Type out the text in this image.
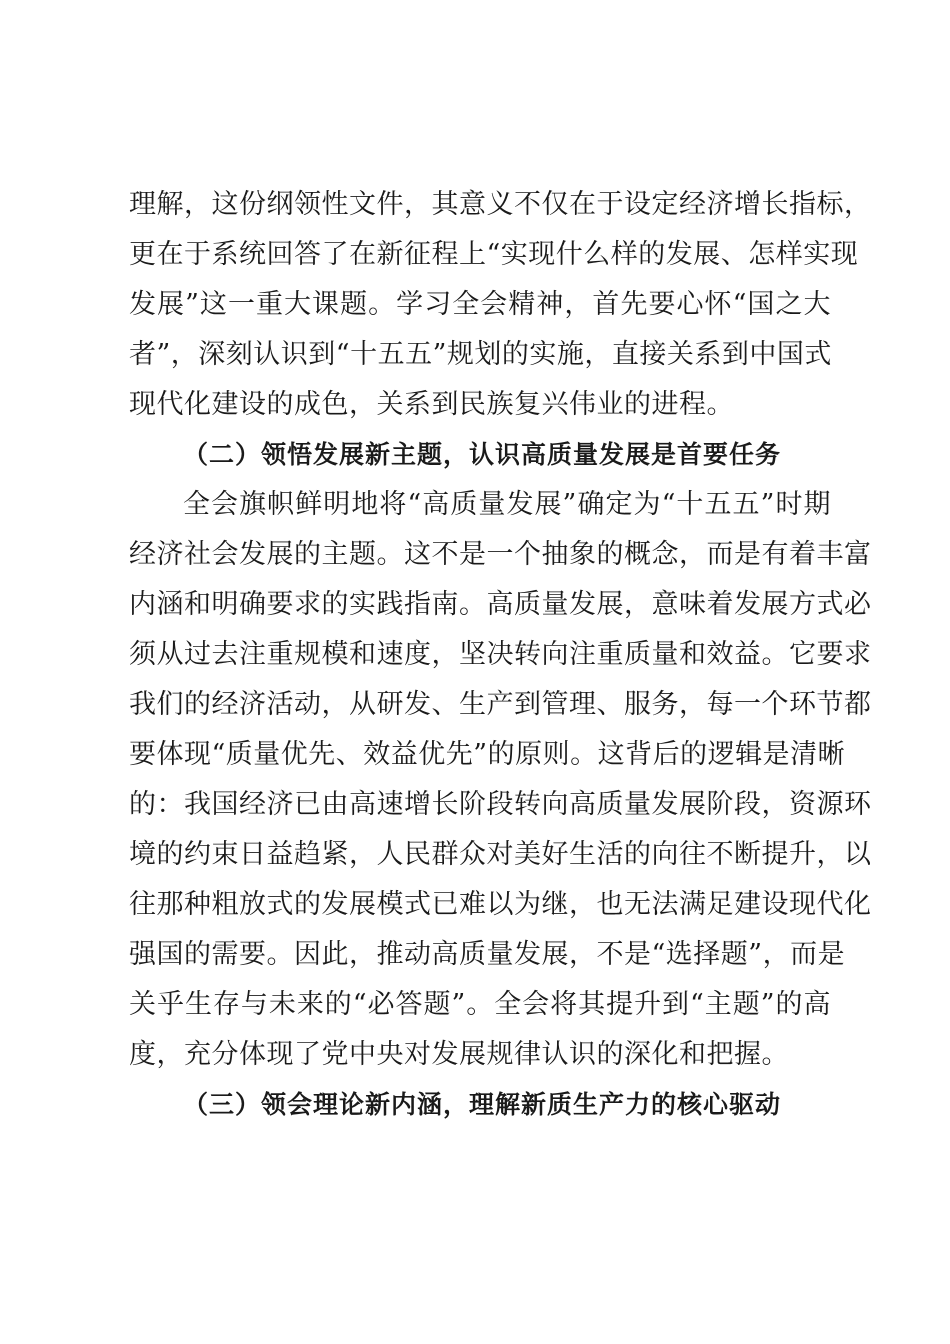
理解，这份纲领性文件，其意义不仅在于设定经济增长指标，

更在于系统回答了在新征程上“实现什么样的发展、怎样实现

发展”这一重大课题。学习全会精神，首先要心怀“国之大

者”，深刻认识到“十五五”规划的实施，直接关系到中国式

现代化建设的成色，关系到民族复兴伟业的进程。

（二）领悟发展新主题，认识高质量发展是首要任务

全会旗帜鲜明地将“高质量发展”确定为“十五五”时期

经济社会发展的主题。这不是一个抽象的概念，而是有着丰富

内涵和明确要求的实践指南。高质量发展，意味着发展方式必

须从过去注重规模和速度，坚决转向注重质量和效益。它要求

我们的经济活动，从研发、生产到管理、服务，每一个环节都

要体现“质量优先、效益优先”的原则。这背后的逻辑是清晰

的：我国经济已由高速增长阶段转向高质量发展阶段，资源环

境的约束日益趋紧，人民群众对美好生活的向往不断提升，以

往那种粗放式的发展模式已难以为继，也无法满足建设现代化

强国的需要。因此，推动高质量发展，不是“选择题”，而是

关乎生存与未来的“必答题”。全会将其提升到“主题”的高

度，充分体现了党中央对发展规律认识的深化和把握。

（三）领会理论新内涵，理解新质生产力的核心驱动
